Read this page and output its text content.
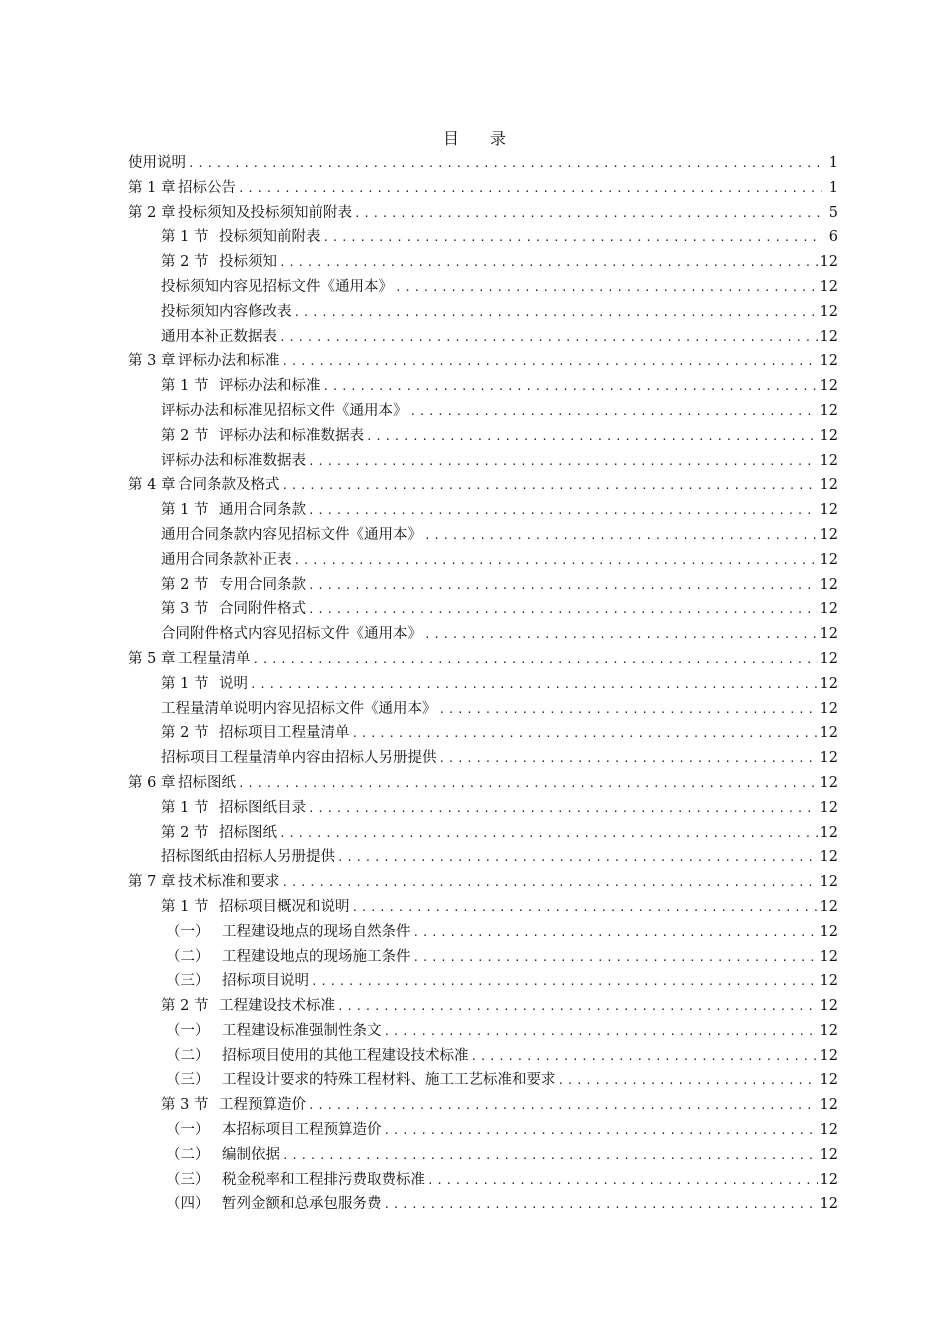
目 录
使用说明 .....	1
第 1 章 招标公告 .....	1
第 2 章 投标须知及投标须知前附表 .....	5
第 1 节 投标须知前附表 .....	6
第 2 节 投标须知 .....	12
投标须知内容见招标文件《通用本》 .....	12
投标须知内容修改表 .....	12
通用本补正数据表 .....	12
第 3 章 评标办法和标准 .....	12
第 1 节 评标办法和标准 .....	12
评标办法和标准见招标文件《通用本》 .....	12
第 2 节 评标办法和标准数据表 .....	12
评标办法和标准数据表 .....	12
第 4 章 合同条款及格式 .....	12
第 1 节 通用合同条款 .....	12
通用合同条款内容见招标文件《通用本》 .....	12
通用合同条款补正表 .....	12
第 2 节 专用合同条款 .....	12
第 3 节 合同附件格式 .....	12
合同附件格式内容见招标文件《通用本》 .....	12
第 5 章 工程量清单 .....	12
第 1 节 说明 .....	12
工程量清单说明内容见招标文件《通用本》 .....	12
第 2 节 招标项目工程量清单 .....	12
招标项目工程量清单内容由招标人另册提供 .....	12
第 6 章 招标图纸 .....	12
第 1 节 招标图纸目录 .....	12
第 2 节 招标图纸 .....	12
招标图纸由招标人另册提供 .....	12
第 7 章 技术标准和要求 .....	12
第 1 节 招标项目概况和说明 .....	12
（一） 工程建设地点的现场自然条件 .....	12
（二） 工程建设地点的现场施工条件 .....	12
（三） 招标项目说明 .....	12
第 2 节 工程建设技术标准 .....	12
（一） 工程建设标准强制性条文 .....	12
（二） 招标项目使用的其他工程建设技术标准 .....	12
（三） 工程设计要求的特殊工程材料、施工工艺标准和要求 .....	12
第 3 节 工程预算造价 .....	12
（一） 本招标项目工程预算造价 .....	12
（二） 编制依据 .....	12
（三） 税金税率和工程排污费取费标准 .....	12
（四） 暂列金额和总承包服务费 .....	12
